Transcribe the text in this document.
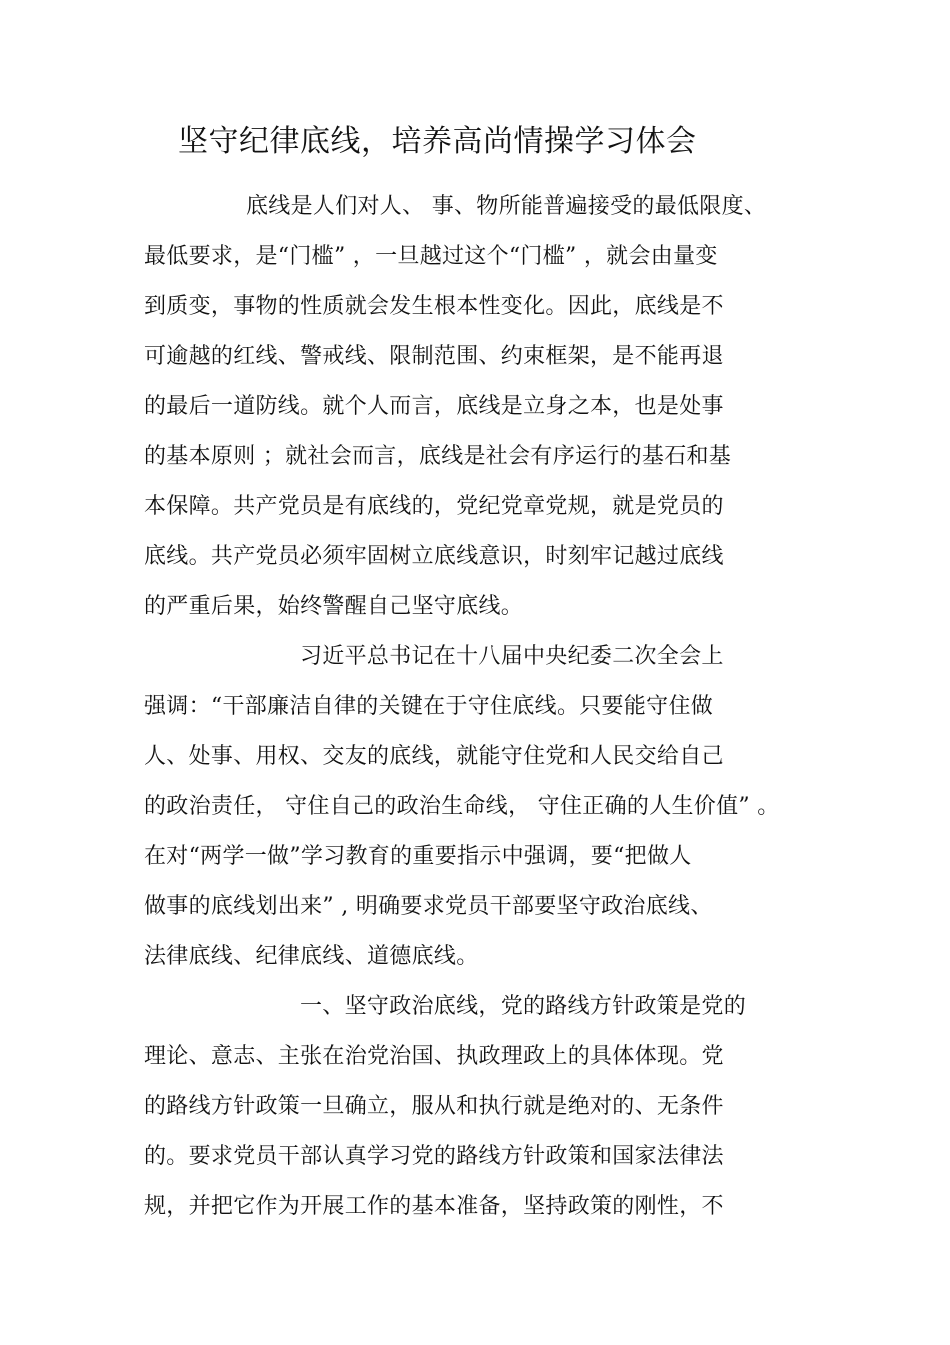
坚守纪律底线，培养高尚情操学习体会
底线是人们对人、 事、物所能普遍接受的最低限度、
最低要求，是“门槛” ，一旦越过这个“门槛” ，就会由量变
到质变，事物的性质就会发生根本性变化。因此，底线是不
可逾越的红线、警戒线、限制范围、约束框架，是不能再退
的最后一道防线。就个人而言，底线是立身之本，也是处事
的基本原则 ；就社会而言，底线是社会有序运行的基石和基
本保障。共产党员是有底线的，党纪党章党规，就是党员的
底线。共产党员必须牢固树立底线意识，时刻牢记越过底线
的严重后果，始终警醒自己坚守底线。
习近平总书记在十八届中央纪委二次全会上
强调：“干部廉洁自律的关键在于守住底线。只要能守住做
人、处事、用权、交友的底线，就能守住党和人民交给自己
的政治责任， 守住自己的政治生命线， 守住正确的人生价值” 。
在对“两学一做”学习教育的重要指示中强调，要“把做人
做事的底线划出来” , 明确要求党员干部要坚守政治底线、
法律底线、纪律底线、道德底线。
一、坚守政治底线，党的路线方针政策是党的
理论、意志、主张在治党治国、执政理政上的具体体现。党
的路线方针政策一旦确立，服从和执行就是绝对的、无条件
的。要求党员干部认真学习党的路线方针政策和国家法律法
规，并把它作为开展工作的基本准备，坚持政策的刚性，不
